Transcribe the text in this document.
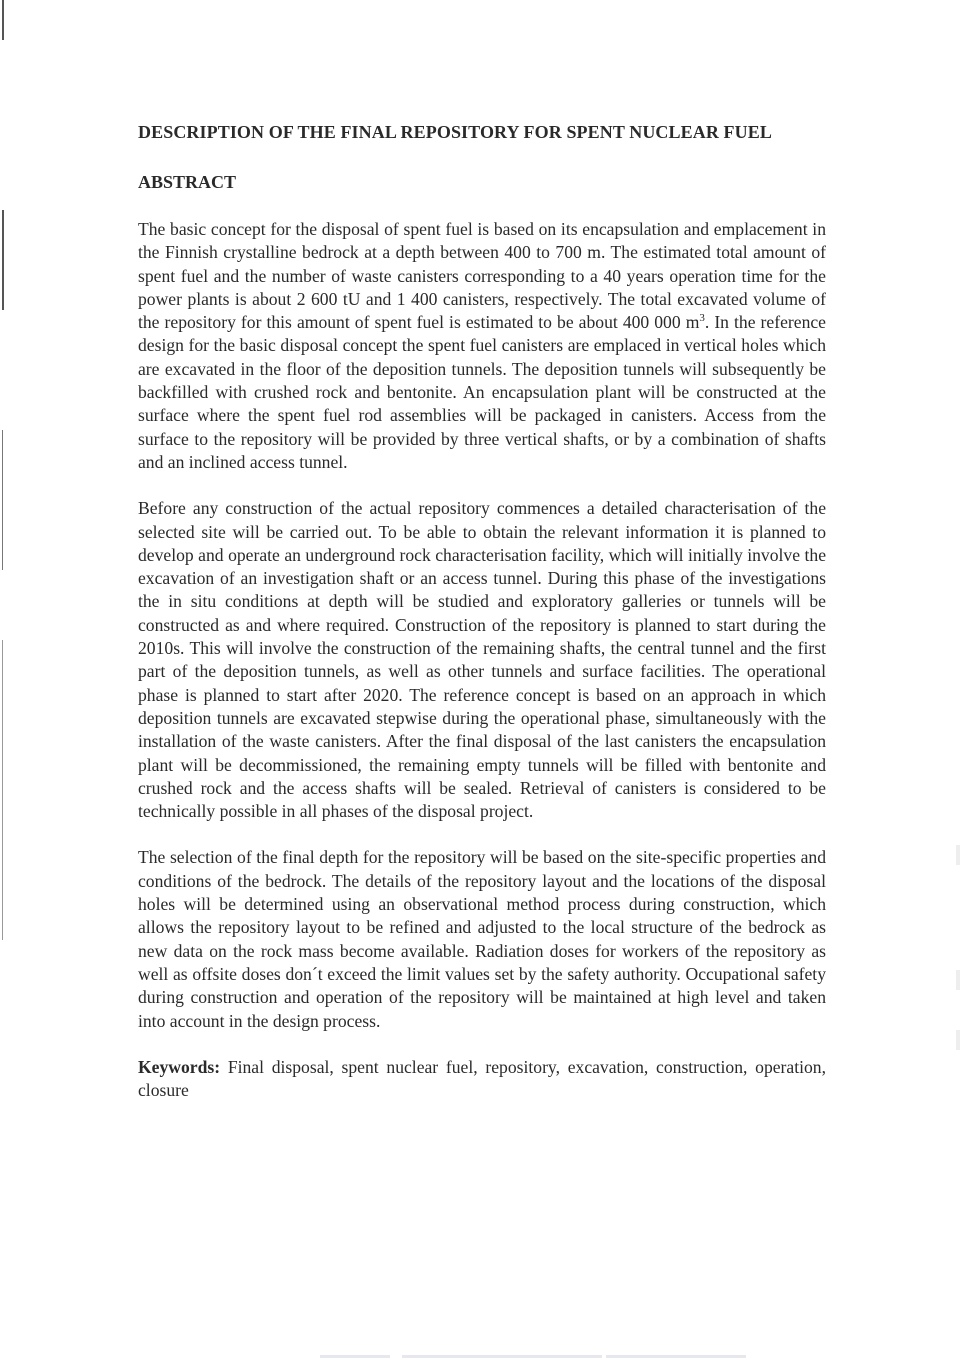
DESCRIPTION OF THE FINAL REPOSITORY FOR SPENT NUCLEAR FUEL
ABSTRACT

The basic concept for the disposal of spent fuel is based on its encapsulation and emplacement in the Finnish crystalline bedrock at a depth between 400 to 700 m. The estimated total amount of spent fuel and the number of waste canisters corresponding to a 40 years operation time for the power plants is about 2 600 tU and 1 400 canisters, respectively. The total excavated volume of the repository for this amount of spent fuel is estimated to be about 400 000 $m^3$. In the reference design for the basic disposal concept the spent fuel canisters are emplaced in vertical holes which are excavated in the floor of the deposition tunnels. The deposition tunnels will subsequently be backfilled with crushed rock and bentonite. An encapsulation plant will be constructed at the surface where the spent fuel rod assemblies will be packaged in canisters. Access from the surface to the repository will be provided by three vertical shafts, or by a combination of shafts and an inclined access tunnel.

Before any construction of the actual repository commences a detailed characterisation of the selected site will be carried out. To be able to obtain the relevant information it is planned to develop and operate an underground rock characterisation facility, which will initially involve the excavation of an investigation shaft or an access tunnel. During this phase of the investigations the in situ conditions at depth will be studied and exploratory galleries or tunnels will be constructed as and where required. Construction of the repository is planned to start during the 2010s. This will involve the construction of the remaining shafts, the central tunnel and the first part of the deposition tunnels, as well as other tunnels and surface facilities. The operational phase is planned to start after 2020. The reference concept is based on an approach in which deposition tunnels are excavated stepwise during the operational phase, simultaneously with the installation of the waste canisters. After the final disposal of the last canisters the encapsulation plant will be decommissioned, the remaining empty tunnels will be filled with bentonite and crushed rock and the access shafts will be sealed. Retrieval of canisters is considered to be technically possible in all phases of the disposal project.

The selection of the final depth for the repository will be based on the site-specific properties and conditions of the bedrock. The details of the repository layout and the locations of the disposal holes will be determined using an observational method process during construction, which allows the repository layout to be refined and adjusted to the local structure of the bedrock as new data on the rock mass become available. Radiation doses for workers of the repository as well as offsite doses don´t exceed the limit values set by the safety authority. Occupational safety during construction and operation of the repository will be maintained at high level and taken into account in the design process.

Keywords: Final disposal, spent nuclear fuel, repository, excavation, construction, operation, closure
